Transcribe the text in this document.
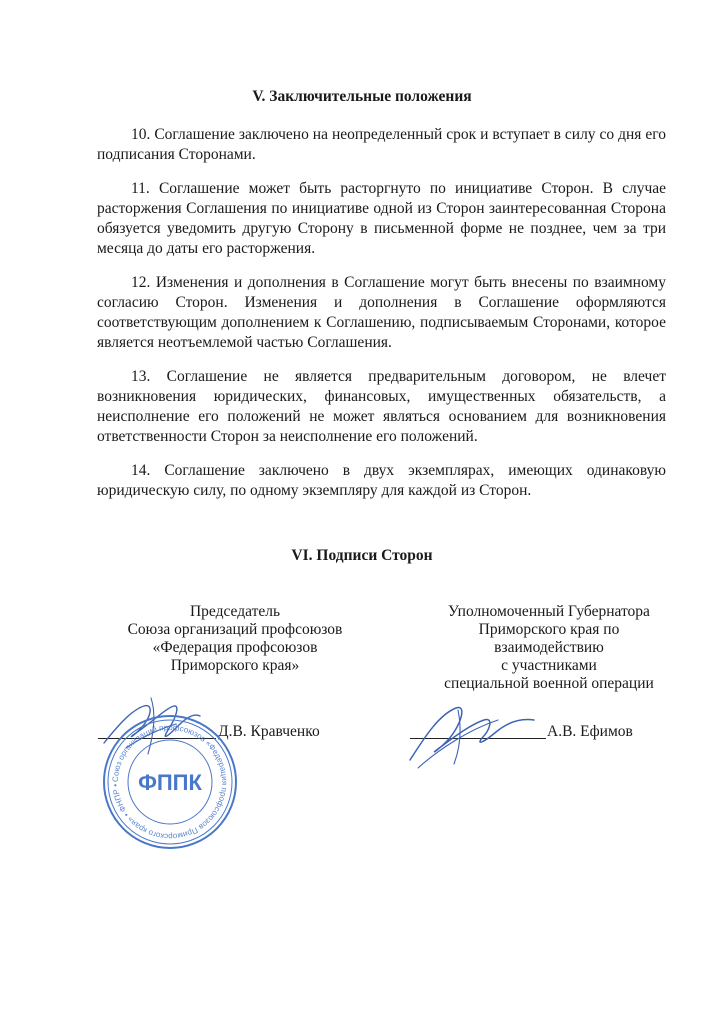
V. Заключительные положения

10. Соглашение заключено на неопределенный срок и вступает в силу со дня его подписания Сторонами.

11. Соглашение может быть расторгнуто по инициативе Сторон. В случае расторжения Соглашения по инициативе одной из Сторон заинтересованная Сторона обязуется уведомить другую Сторону в письменной форме не позднее, чем за три месяца до даты его расторжения.

12. Изменения и дополнения в Соглашение могут быть внесены по взаимному согласию Сторон. Изменения и дополнения в Соглашение оформляются соответствующим дополнением к Соглашению, подписываемым Сторонами, которое является неотъемлемой частью Соглашения.

13. Соглашение не является предварительным договором, не влечет возникновения юридических, финансовых, имущественных обязательств, а неисполнение его положений не может являться основанием для возникновения ответственности Сторон за неисполнение его положений.

14. Соглашение заключено в двух экземплярах, имеющих одинаковую юридическую силу, по одному экземпляру для каждой из Сторон.

VI. Подписи Сторон
Председатель
Союза организаций профсоюзов
«Федерация профсоюзов
Приморского края»
Уполномоченный Губернатора
Приморского края по
взаимодействию
с участниками
специальной военной операции
Д.В. Кравченко	А.В. Ефимов
Союз организаций профсоюзов «Федерация профсоюзов Приморского края» • ФНПР • ФППК
